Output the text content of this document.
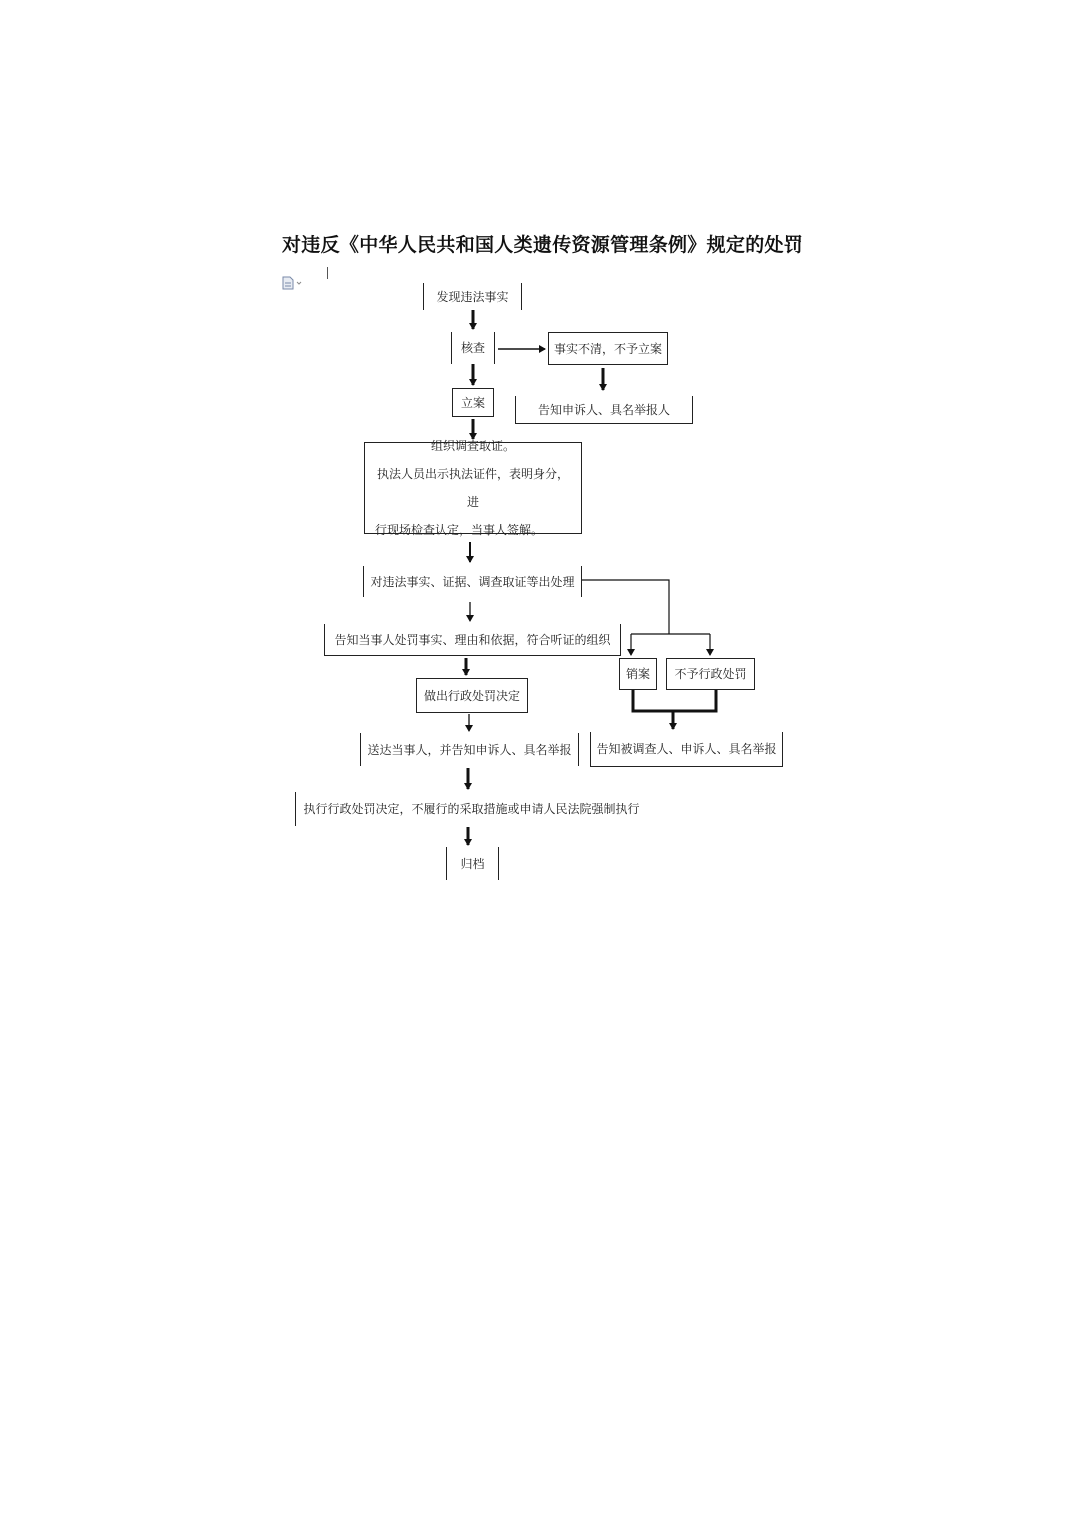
对违反《中华人民共和国人类遗传资源管理条例》规定的处罚
发现违法事实
核查	事实不清，不予立案
告知申诉人、具名举报人
立案
组织调查取证。
执法人员出示执法证件，表明身分，进
行现场检查认定，当事人签解。
对违法事实、证据、调查取证等出处理
告知当事人处罚事实、理由和依据，符合听证的组织
销案 不予行政处罚
做出行政处罚决定
送达当事人，并告知申诉人、具名举报 告知被调查人、申诉人、具名举报
执行行政处罚决定，不履行的采取措施或申请人民法院强制执行
归档
